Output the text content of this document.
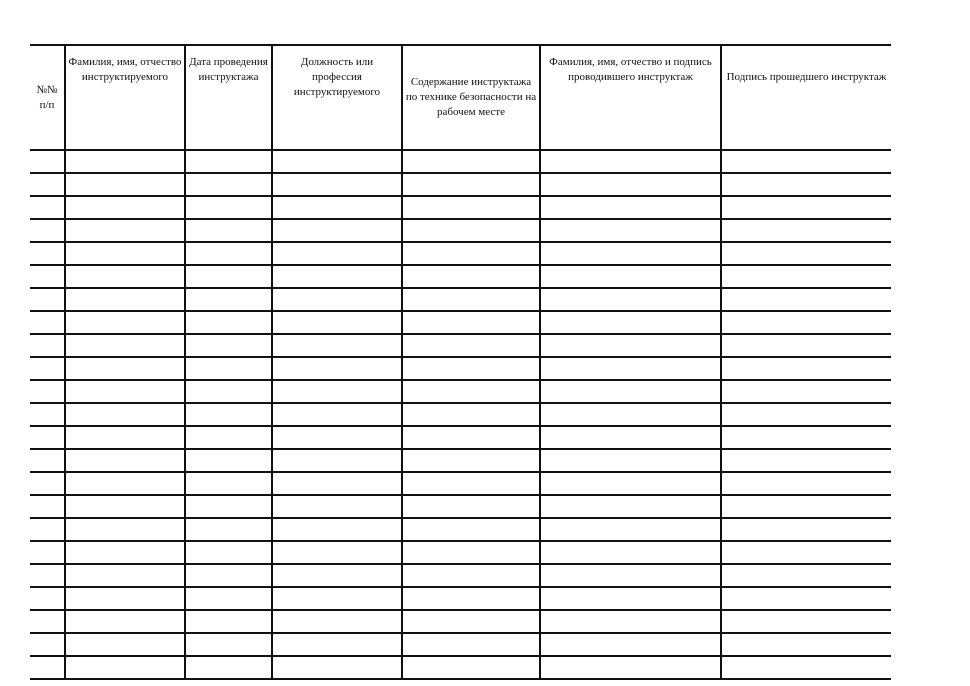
№№ п/п	Фамилия, имя, отчество инструктируемого	Дата проведения инструктажа	Должность или профессия инструктируемого	Содержание инструктажа по технике безопасности на рабочем месте	Фамилия, имя, отчество и подпись проводившего инструктаж	Подпись прошедшего инструктаж
